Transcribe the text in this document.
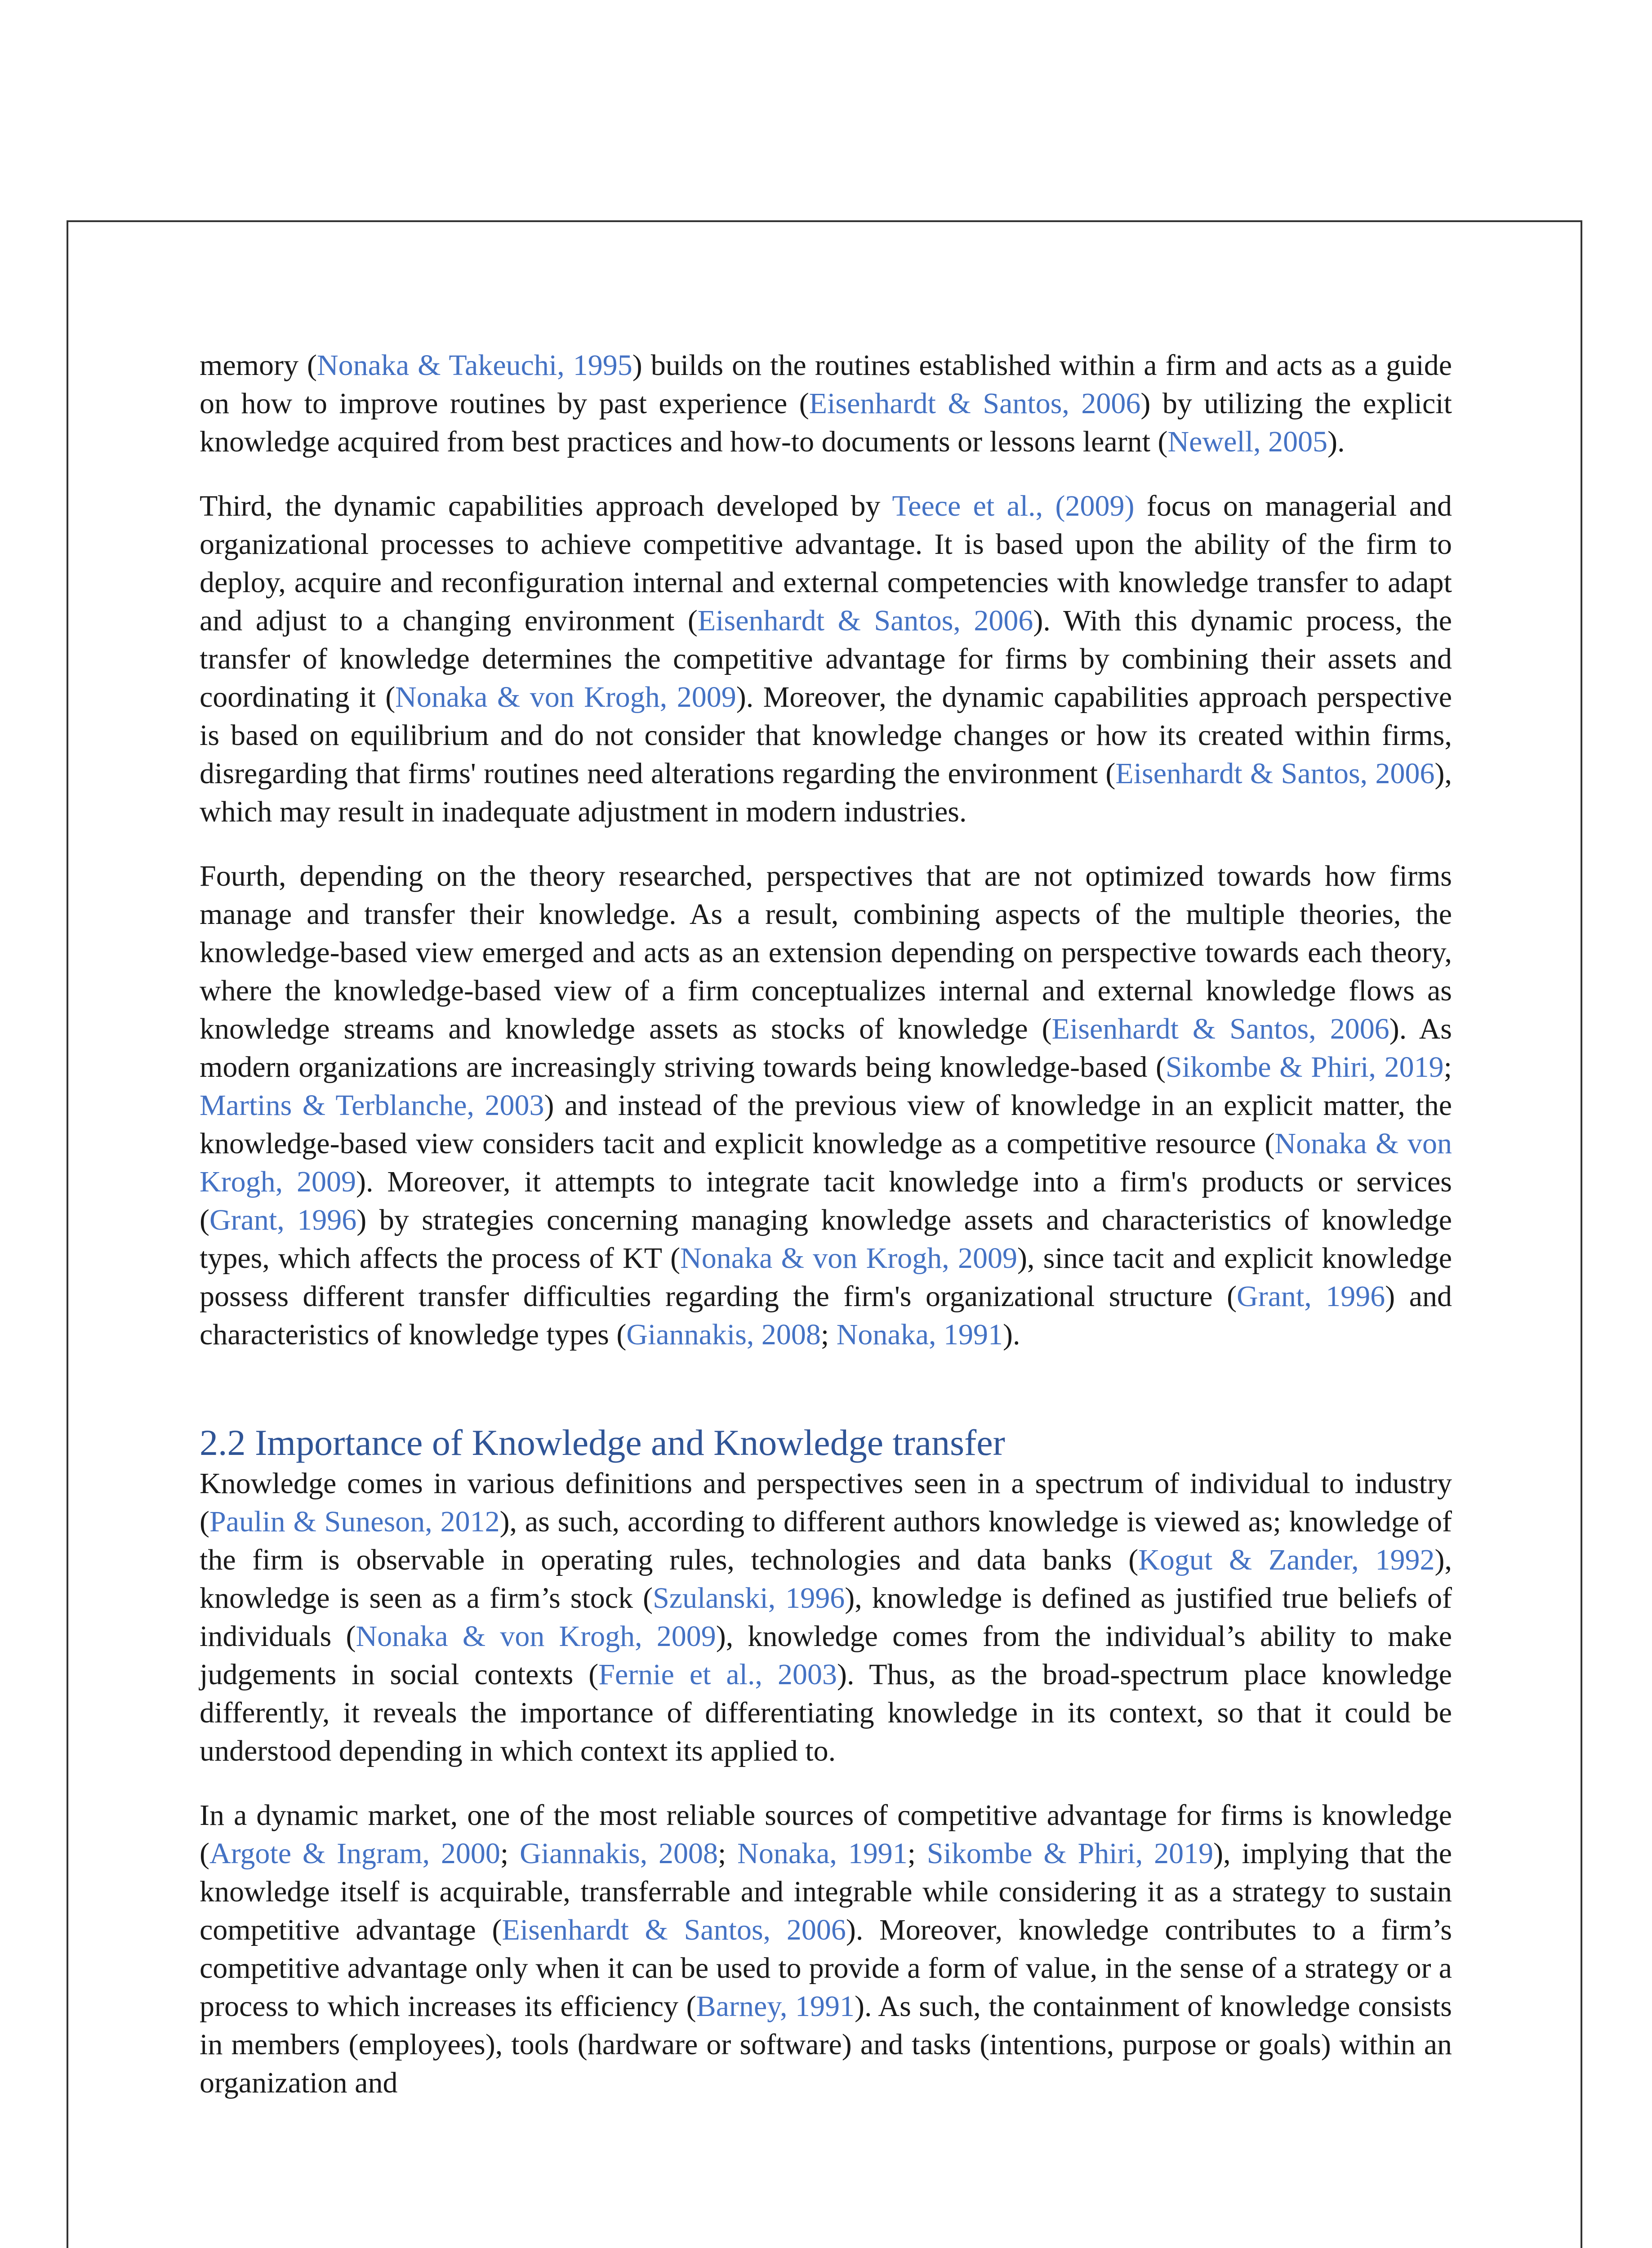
memory (Nonaka & Takeuchi, 1995) builds on the routines established within a firm and acts as a guide on how to improve routines by past experience (Eisenhardt & Santos, 2006) by utilizing the explicit knowledge acquired from best practices and how-to documents or lessons learnt (Newell, 2005).

Third, the dynamic capabilities approach developed by Teece et al., (2009) focus on managerial and organizational processes to achieve competitive advantage. It is based upon the ability of the firm to deploy, acquire and reconfiguration internal and external competencies with knowledge transfer to adapt and adjust to a changing environment (Eisenhardt & Santos, 2006). With this dynamic process, the transfer of knowledge determines the competitive advantage for firms by combining their assets and coordinating it (Nonaka & von Krogh, 2009). Moreover, the dynamic capabilities approach perspective is based on equilibrium and do not consider that knowledge changes or how its created within firms, disregarding that firms' routines need alterations regarding the environment (Eisenhardt & Santos, 2006), which may result in inadequate adjustment in modern industries.

Fourth, depending on the theory researched, perspectives that are not optimized towards how firms manage and transfer their knowledge. As a result, combining aspects of the multiple theories, the knowledge-based view emerged and acts as an extension depending on perspective towards each theory, where the knowledge-based view of a firm conceptualizes internal and external knowledge flows as knowledge streams and knowledge assets as stocks of knowledge (Eisenhardt & Santos, 2006). As modern organizations are increasingly striving towards being knowledge-based (Sikombe & Phiri, 2019; Martins & Terblanche, 2003) and instead of the previous view of knowledge in an explicit matter, the knowledge-based view considers tacit and explicit knowledge as a competitive resource (Nonaka & von Krogh, 2009). Moreover, it attempts to integrate tacit knowledge into a firm's products or services (Grant, 1996) by strategies concerning managing knowledge assets and characteristics of knowledge types, which affects the process of KT (Nonaka & von Krogh, 2009), since tacit and explicit knowledge possess different transfer difficulties regarding the firm's organizational structure (Grant, 1996) and characteristics of knowledge types (Giannakis, 2008; Nonaka, 1991).

2.2 Importance of Knowledge and Knowledge transfer

Knowledge comes in various definitions and perspectives seen in a spectrum of individual to industry (Paulin & Suneson, 2012), as such, according to different authors knowledge is viewed as; knowledge of the firm is observable in operating rules, technologies and data banks (Kogut & Zander, 1992), knowledge is seen as a firm’s stock (Szulanski, 1996), knowledge is defined as justified true beliefs of individuals (Nonaka & von Krogh, 2009), knowledge comes from the individual’s ability to make judgements in social contexts (Fernie et al., 2003). Thus, as the broad-spectrum place knowledge differently, it reveals the importance of differentiating knowledge in its context, so that it could be understood depending in which context its applied to.

In a dynamic market, one of the most reliable sources of competitive advantage for firms is knowledge (Argote & Ingram, 2000; Giannakis, 2008; Nonaka, 1991; Sikombe & Phiri, 2019), implying that the knowledge itself is acquirable, transferrable and integrable while considering it as a strategy to sustain competitive advantage (Eisenhardt & Santos, 2006). Moreover, knowledge contributes to a firm’s competitive advantage only when it can be used to provide a form of value, in the sense of a strategy or a process to which increases its efficiency (Barney, 1991). As such, the containment of knowledge consists in members (employees), tools (hardware or software) and tasks (intentions, purpose or goals) within an organization and
